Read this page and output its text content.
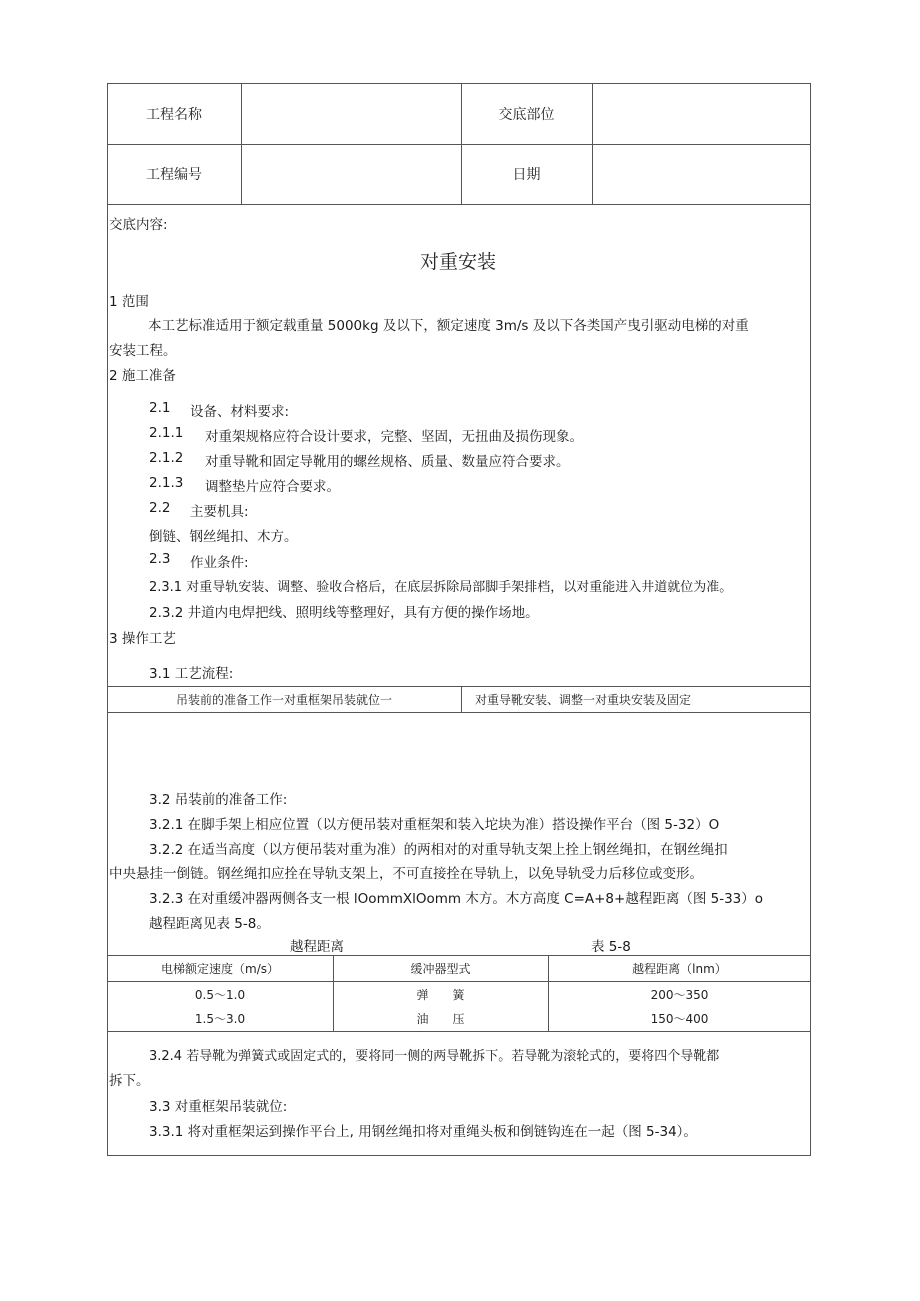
工程名称	交底部位
工程编号	日期
交底内容:
对重安装
1 范围
本工艺标准适用于额定载重量 5000kg 及以下，额定速度 3m/s 及以下各类国产曳引驱动电梯的对重
安装工程。
2 施工准备
2.1 设备、材料要求:
2.1.1 对重架规格应符合设计要求，完整、坚固，无扭曲及损伤现象。
2.1.2 对重导靴和固定导靴用的螺丝规格、质量、数量应符合要求。
2.1.3 调整垫片应符合要求。
2.2 主要机具:
倒链、钢丝绳扣、木方。
2.3 作业条件:
2.3.1 对重导轨安装、调整、验收合格后，在底层拆除局部脚手架排档，以对重能进入井道就位为准。
2.3.2 井道内电焊把线、照明线等整理好，具有方便的操作场地。
3 操作工艺
3.1 工艺流程:
吊装前的准备工作一对重框架吊装就位一	对重导靴安装、调整一对重块安装及固定
3.2 吊装前的准备工作:
3.2.1 在脚手架上相应位置（以方便吊装对重框架和装入坨块为准）搭设操作平台（图 5-32）O
3.2.2 在适当高度（以方便吊装对重为准）的两相对的对重导轨支架上拴上钢丝绳扣，在钢丝绳扣
中央悬挂一倒链。钢丝绳扣应拴在导轨支架上，不可直接拴在导轨上，以免导轨受力后移位或变形。
3.2.3 在对重缓冲器两侧各支一根 lOommXlOomm 木方。木方高度 C=A+8+越程距离（图 5-33）o
越程距离见表 5-8。
越程距离	表 5-8
电梯额定速度（m/s）	缓冲器型式	越程距离（lnm）
0.5～1.0	弹　　簧	200～350
1.5～3.0	油　　压	150～400
3.2.4 若导靴为弹簧式或固定式的，要将同一侧的两导靴拆下。若导靴为滚轮式的，要将四个导靴都
拆下。
3.3 对重框架吊装就位:
3.3.1 将对重框架运到操作平台上, 用钢丝绳扣将对重绳头板和倒链钩连在一起（图 5-34）。
